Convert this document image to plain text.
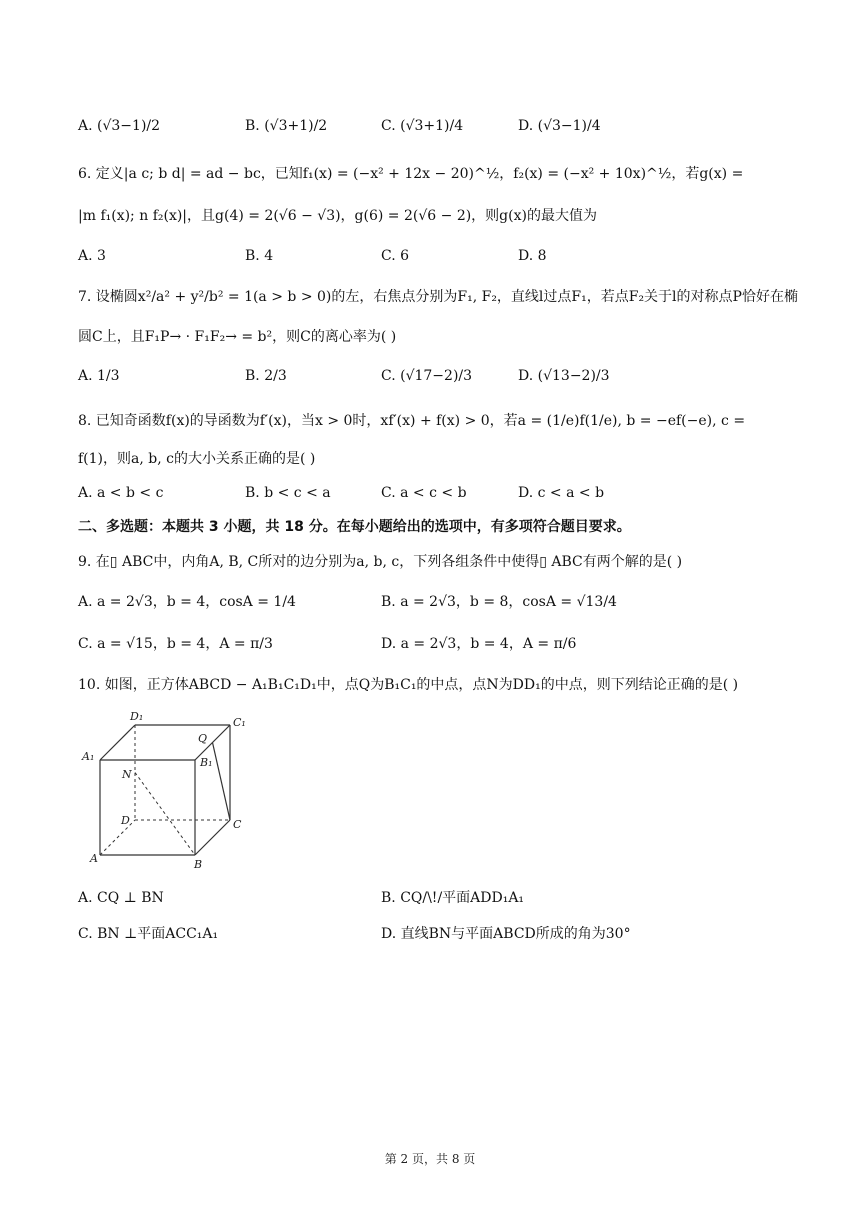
A. (√3−1)/2	B. (√3+1)/2	C. (√3+1)/4	D. (√3−1)/4
6. 定义|a c; b d| = ad − bc，已知f₁(x) = (−x² + 12x − 20)^½，f₂(x) = (−x² + 10x)^½，若g(x) =
|m f₁(x); n f₂(x)|，且g(4) = 2(√6 − √3)，g(6) = 2(√6 − 2)，则g(x)的最大值为
A. 3	B. 4	C. 6	D. 8
7. 设椭圆x²/a² + y²/b² = 1(a > b > 0)的左，右焦点分别为F₁, F₂，直线l过点F₁，若点F₂关于l的对称点P恰好在椭
圆C上，且F₁P→ · F₁F₂→ = b²，则C的离心率为( )
A. 1/3	B. 2/3	C. (√17−2)/3	D. (√13−2)/3
8. 已知奇函数f(x)的导函数为f′(x)，当x > 0时，xf′(x) + f(x) > 0，若a = (1/e)f(1/e), b = −ef(−e), c =
f(1)，则a, b, c的大小关系正确的是( )
A. a < b < c	B. b < c < a	C. a < c < b	D. c < a < b
二、多选题：本题共 3 小题，共 18 分。在每小题给出的选项中，有多项符合题目要求。
9. 在▯ ABC中，内角A, B, C所对的边分别为a, b, c，下列各组条件中使得▯ ABC有两个解的是( )
A. a = 2√3，b = 4，cosA = 1/4	B. a = 2√3，b = 8，cosA = √13/4
C. a = √15，b = 4，A = π/3	D. a = 2√3，b = 4，A = π/6
10. 如图，正方体ABCD − A₁B₁C₁D₁中，点Q为B₁C₁的中点，点N为DD₁的中点，则下列结论正确的是( )
D₁	C₁
A₁	B₁
Q
N
D	C
A	B
A. CQ ⊥ BN	B. CQ/\!/平面ADD₁A₁
C. BN ⊥平面ACC₁A₁	D. 直线BN与平面ABCD所成的角为30°
第 2 页，共 8 页
